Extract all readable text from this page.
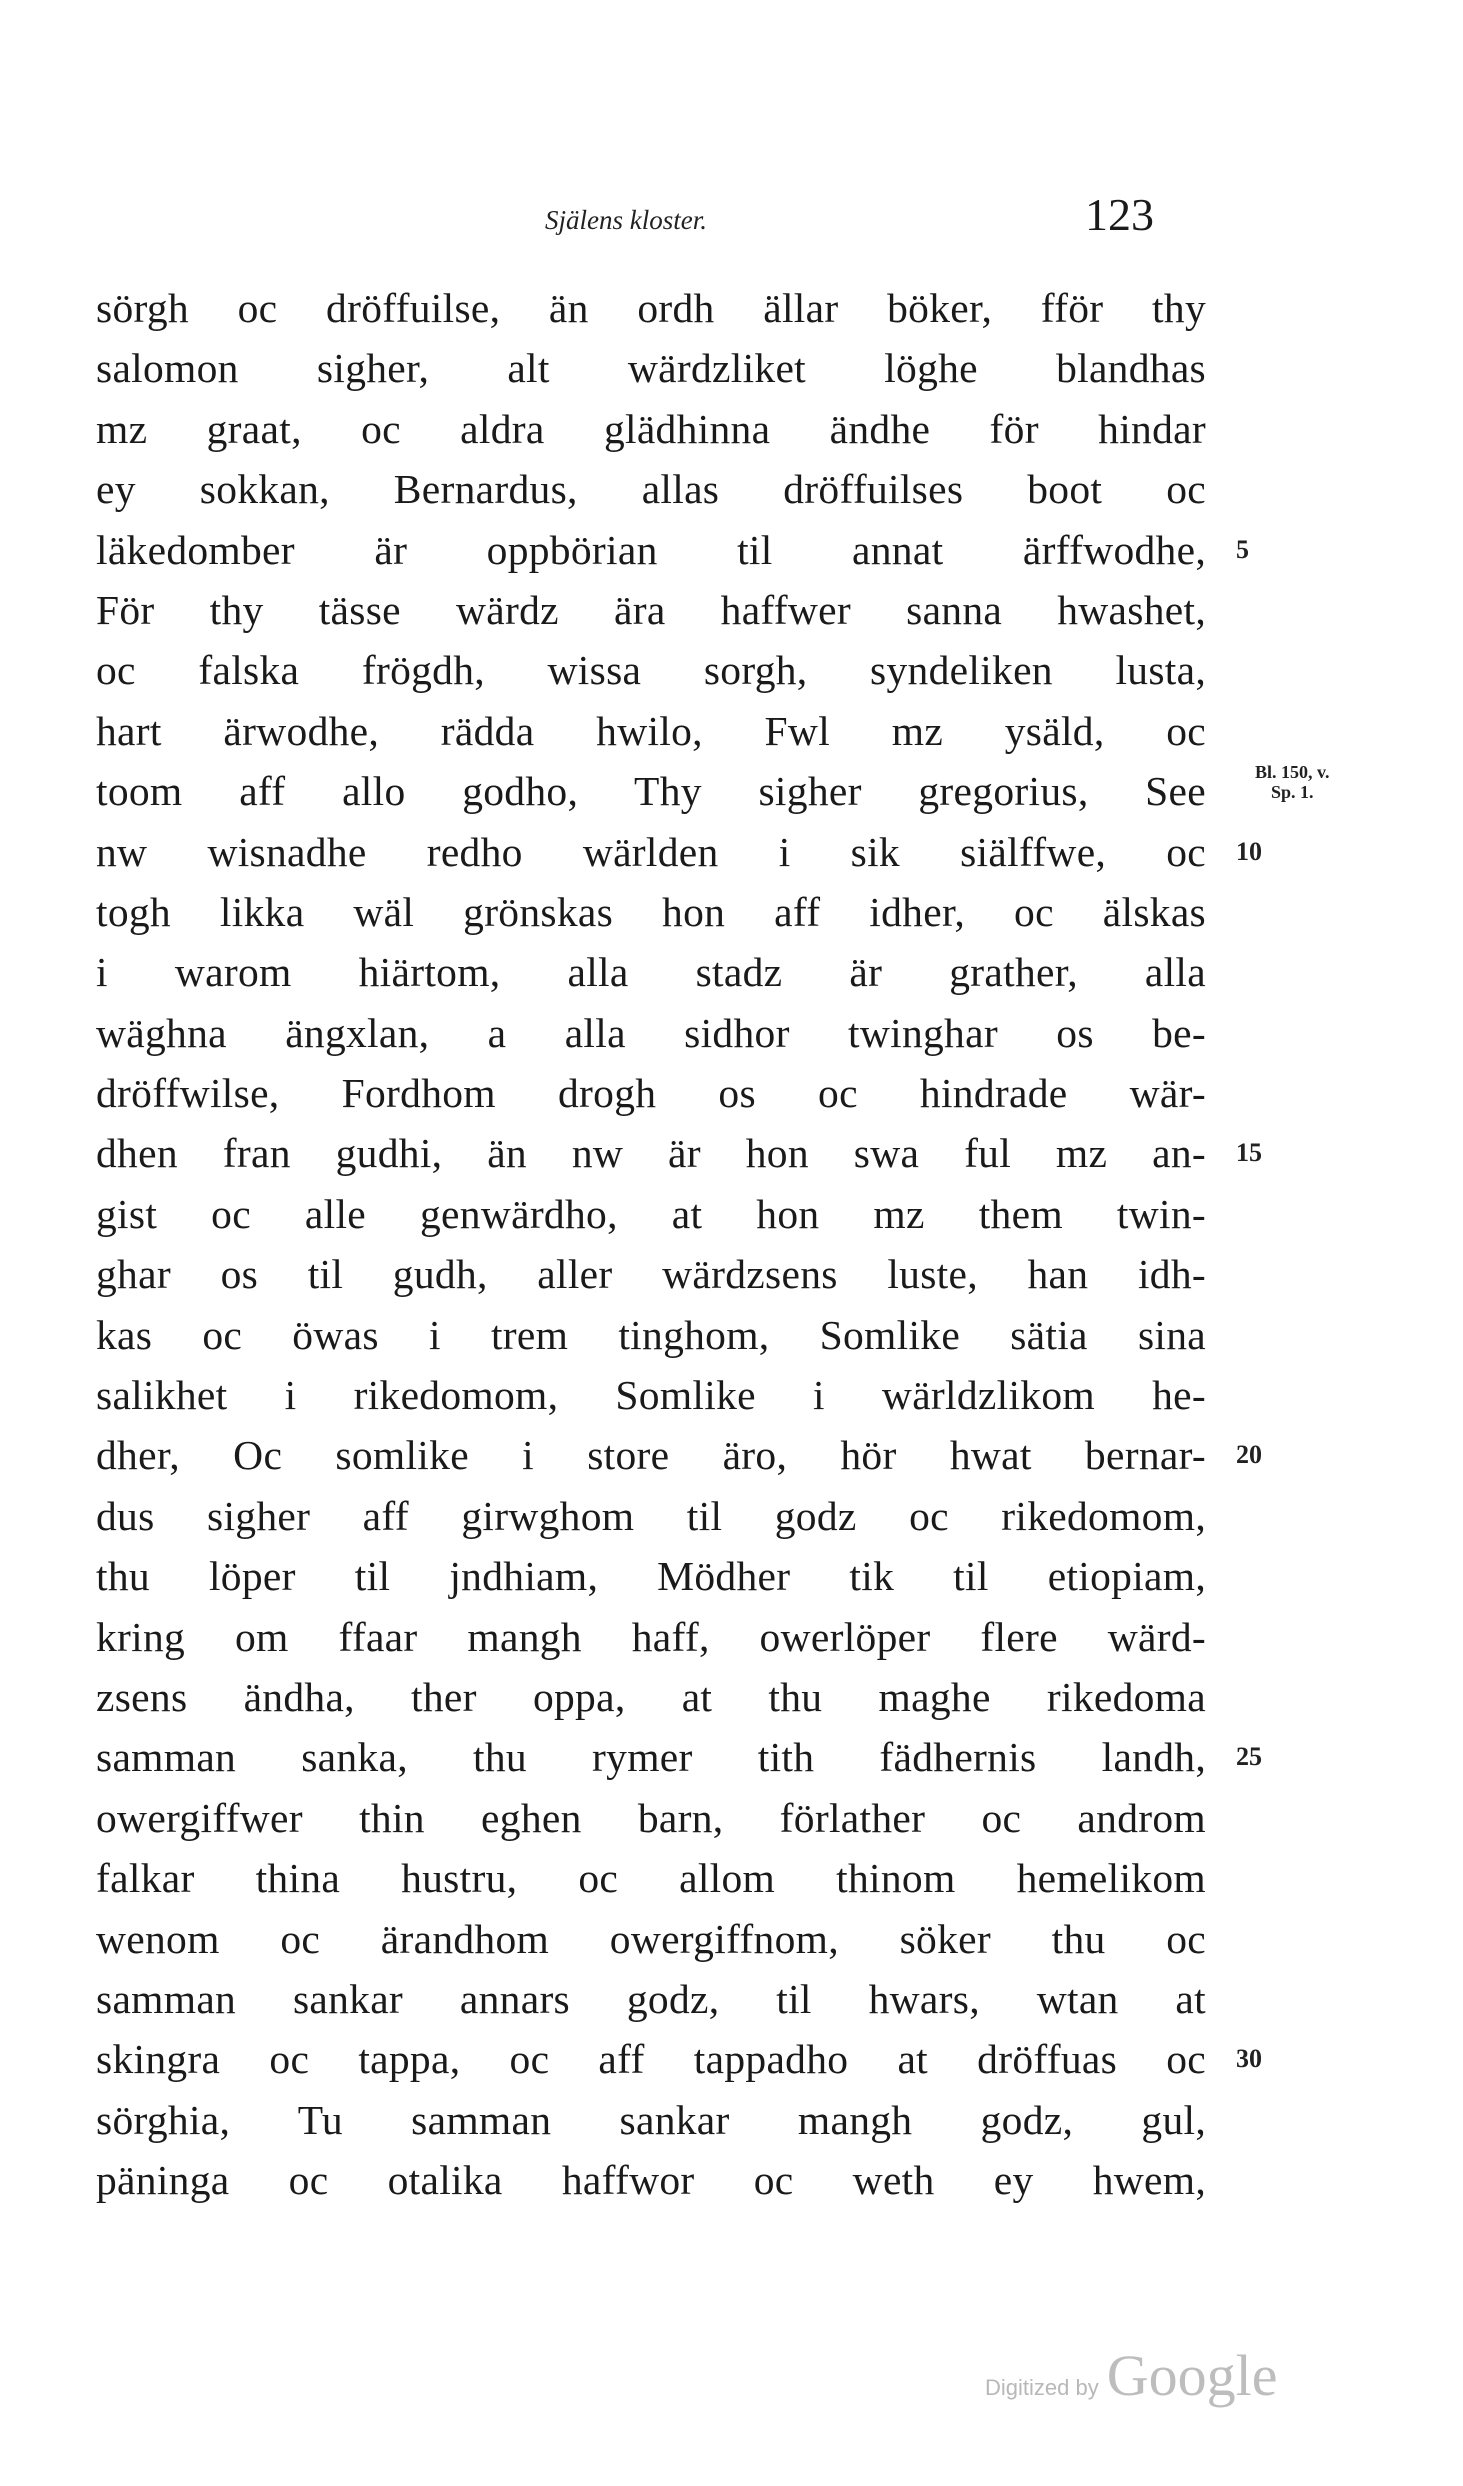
Själens kloster.	123
sörgh oc dröffuilse, än ordh ällar böker, fför thy
salomon sigher, alt wärdzliket löghe blandhas
mz graat, oc aldra glädhinna ändhe för hindar
ey sokkan, Bernardus, allas dröffuilses boot oc
läkedomber är oppbörian til annat ärffwodhe, 5
För thy tässe wärdz ära haffwer sanna hwashet,
oc falska frögdh, wissa sorgh, syndeliken lusta,
hart ärwodhe, rädda hwilo, Fwl mz ysäld, oc
toom aff allo godho, Thy sigher gregorius, See
nw wisnadhe redho wärlden i sik siälffwe, oc 10
togh likka wäl grönskas hon aff idher, oc älskas
i warom hiärtom, alla stadz är grather, alla
wäghna ängxlan, a alla sidhor twinghar os be-
dröffwilse, Fordhom drogh os oc hindrade wär-
dhen fran gudhi, än nw är hon swa ful mz an- 15
gist oc alle genwärdho, at hon mz them twin-
ghar os til gudh, aller wärdzsens luste, han idh-
kas oc öwas i trem tinghom, Somlike sätia sina
salikhet i rikedomom, Somlike i wärldzlikom he-
dher, Oc somlike i store äro, hör hwat bernar- 20
dus sigher aff girwghom til godz oc rikedomom,
thu löper til jndhiam, Mödher tik til etiopiam,
kring om ffaar mangh haff, owerlöper flere wärd-
zsens ändha, ther oppa, at thu maghe rikedoma
samman sanka, thu rymer tith fädhernis landh, 25
owergiffwer thin eghen barn, förlather oc androm
falkar thina hustru, oc allom thinom hemelikom
wenom oc ärandhom owergiffnom, söker thu oc
samman sankar annars godz, til hwars, wtan at
skingra oc tappa, oc aff tappadho at dröffuas oc 30
sörghia, Tu samman sankar mangh godz, gul,
päninga oc otalika haffwor oc weth ey hwem,
Bl. 150, v.
Sp. 1.
Digitized by Google
